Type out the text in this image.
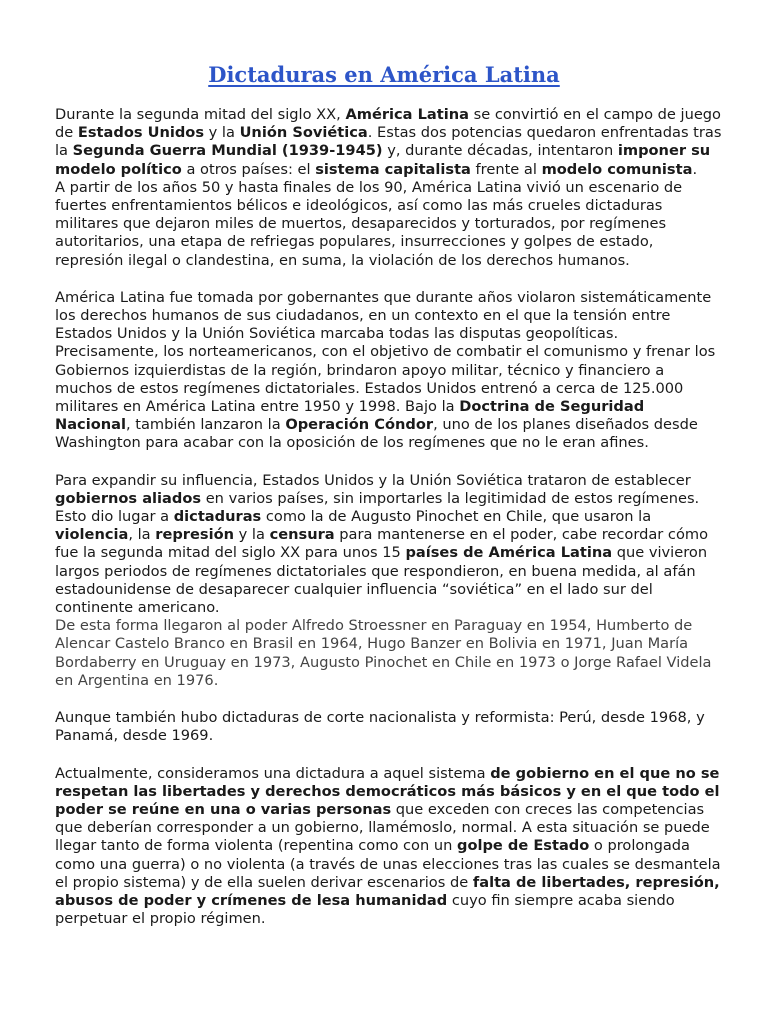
Dictaduras en América Latina

Durante la segunda mitad del siglo XX, América Latina se convirtió en el campo de juego de Estados Unidos y la Unión Soviética. Estas dos potencias quedaron enfrentadas tras la Segunda Guerra Mundial (1939-1945) y, durante décadas, intentaron imponer su modelo político a otros países: el sistema capitalista frente al modelo comunista.
A partir de los años 50 y hasta finales de los 90, América Latina vivió un escenario de fuertes enfrentamientos bélicos e ideológicos, así como las más crueles dictaduras militares que dejaron miles de muertos, desaparecidos y torturados, por regímenes autoritarios, una etapa de refriegas populares, insurrecciones y golpes de estado, represión ilegal o clandestina, en suma, la violación de los derechos humanos.

América Latina fue tomada por gobernantes que durante años violaron sistemáticamente los derechos humanos de sus ciudadanos, en un contexto en el que la tensión entre Estados Unidos y la Unión Soviética marcaba todas las disputas geopolíticas. Precisamente, los norteamericanos, con el objetivo de combatir el comunismo y frenar los Gobiernos izquierdistas de la región, brindaron apoyo militar, técnico y financiero a muchos de estos regímenes dictatoriales. Estados Unidos entrenó a cerca de 125.000 militares en América Latina entre 1950 y 1998. Bajo la Doctrina de Seguridad Nacional, también lanzaron la Operación Cóndor, uno de los planes diseñados desde Washington para acabar con la oposición de los regímenes que no le eran afines.

Para expandir su influencia, Estados Unidos y la Unión Soviética trataron de establecer gobiernos aliados en varios países, sin importarles la legitimidad de estos regímenes. Esto dio lugar a dictaduras como la de Augusto Pinochet en Chile, que usaron la violencia, la represión y la censura para mantenerse en el poder, cabe recordar cómo fue la segunda mitad del siglo XX para unos 15 países de América Latina que vivieron largos periodos de regímenes dictatoriales que respondieron, en buena medida, al afán estadounidense de desaparecer cualquier influencia “soviética” en el lado sur del continente americano.
De esta forma llegaron al poder Alfredo Stroessner en Paraguay en 1954, Humberto de Alencar Castelo Branco en Brasil en 1964, Hugo Banzer en Bolivia en 1971, Juan María Bordaberry en Uruguay en 1973, Augusto Pinochet en Chile en 1973 o Jorge Rafael Videla en Argentina en 1976.

Aunque también hubo dictaduras de corte nacionalista y reformista: Perú, desde 1968, y Panamá, desde 1969.

Actualmente, consideramos una dictadura a aquel sistema de gobierno en el que no se respetan las libertades y derechos democráticos más básicos y en el que todo el poder se reúne en una o varias personas que exceden con creces las competencias que deberían corresponder a un gobierno, llamémoslo, normal. A esta situación se puede llegar tanto de forma violenta (repentina como con un golpe de Estado o prolongada como una guerra) o no violenta (a través de unas elecciones tras las cuales se desmantela el propio sistema) y de ella suelen derivar escenarios de falta de libertades, represión, abusos de poder y crímenes de lesa humanidad cuyo fin siempre acaba siendo perpetuar el propio régimen.
